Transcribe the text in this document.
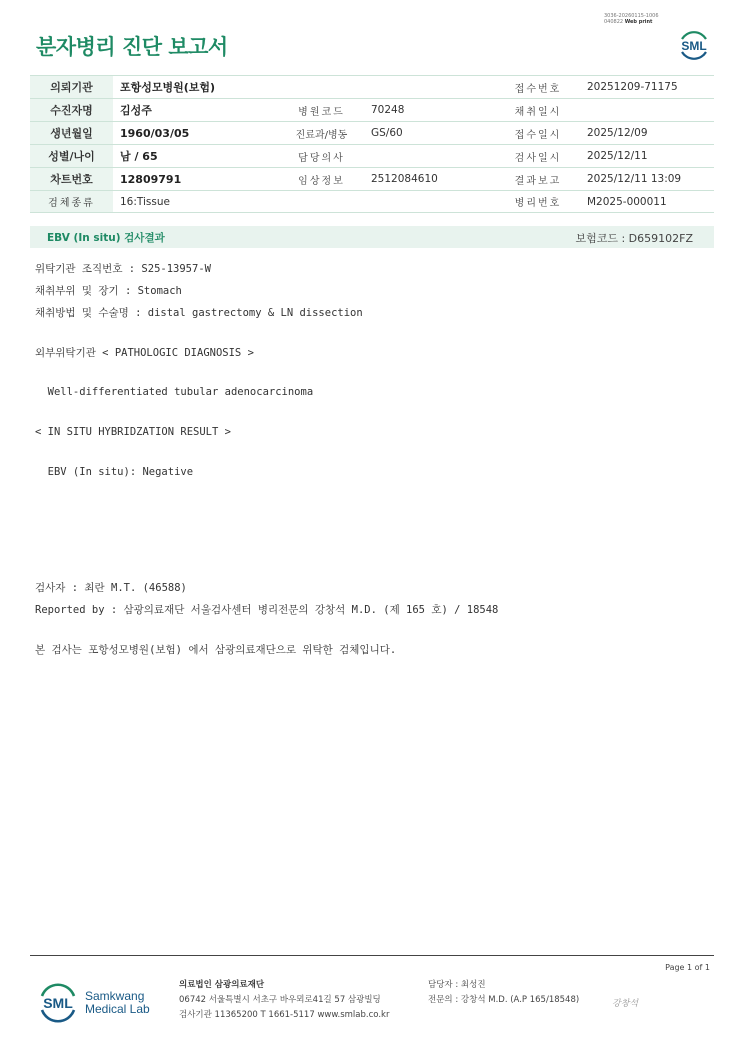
3036-20260115-1006
040822 Web print
분자병리 진단 보고서	SML
의뢰기관	포항성모병원(보험)			접수번호	20251209-71175
수진자명	김성주	병원코드	70248	채취일시	
생년월일	1960/03/05	진료과/병동	GS/60	접수일시	2025/12/09
성별/나이	남 / 65	담당의사		검사일시	2025/12/11
차트번호	12809791	임상정보	2512084610	결과보고	2025/12/11 13:09
검체종류	16:Tissue			병리번호	M2025-000011
EBV (In situ) 검사결과	보험코드 : D659102FZ
위탁기관 조직번호 : S25-13957-W
채취부위 및 장기 : Stomach
채취방법 및 수술명 : distal gastrectomy & LN dissection
외부위탁기관 < PATHOLOGIC DIAGNOSIS >
Well-differentiated tubular adenocarcinoma
< IN SITU HYBRIDZATION RESULT >
EBV (In situ): Negative
검사자 : 최란 M.T. (46588)
Reported by : 삼광의료재단 서울검사센터 병리전문의 강창석 M.D. (제 165 호) / 18548
본 검사는 포항성모병원(보험) 에서 삼광의료재단으로 위탁한 검체입니다.
Page 1 of 1
SML Samkwang
Medical Lab
의료법인 삼광의료재단
06742 서울특별시 서초구 바우뫼로41길 57 삼광빌딩
검사기관 11365200 T 1661-5117 www.smlab.co.kr
담당자 : 최성진
전문의 : 강창석 M.D. (A.P 165/18548)	강창석
